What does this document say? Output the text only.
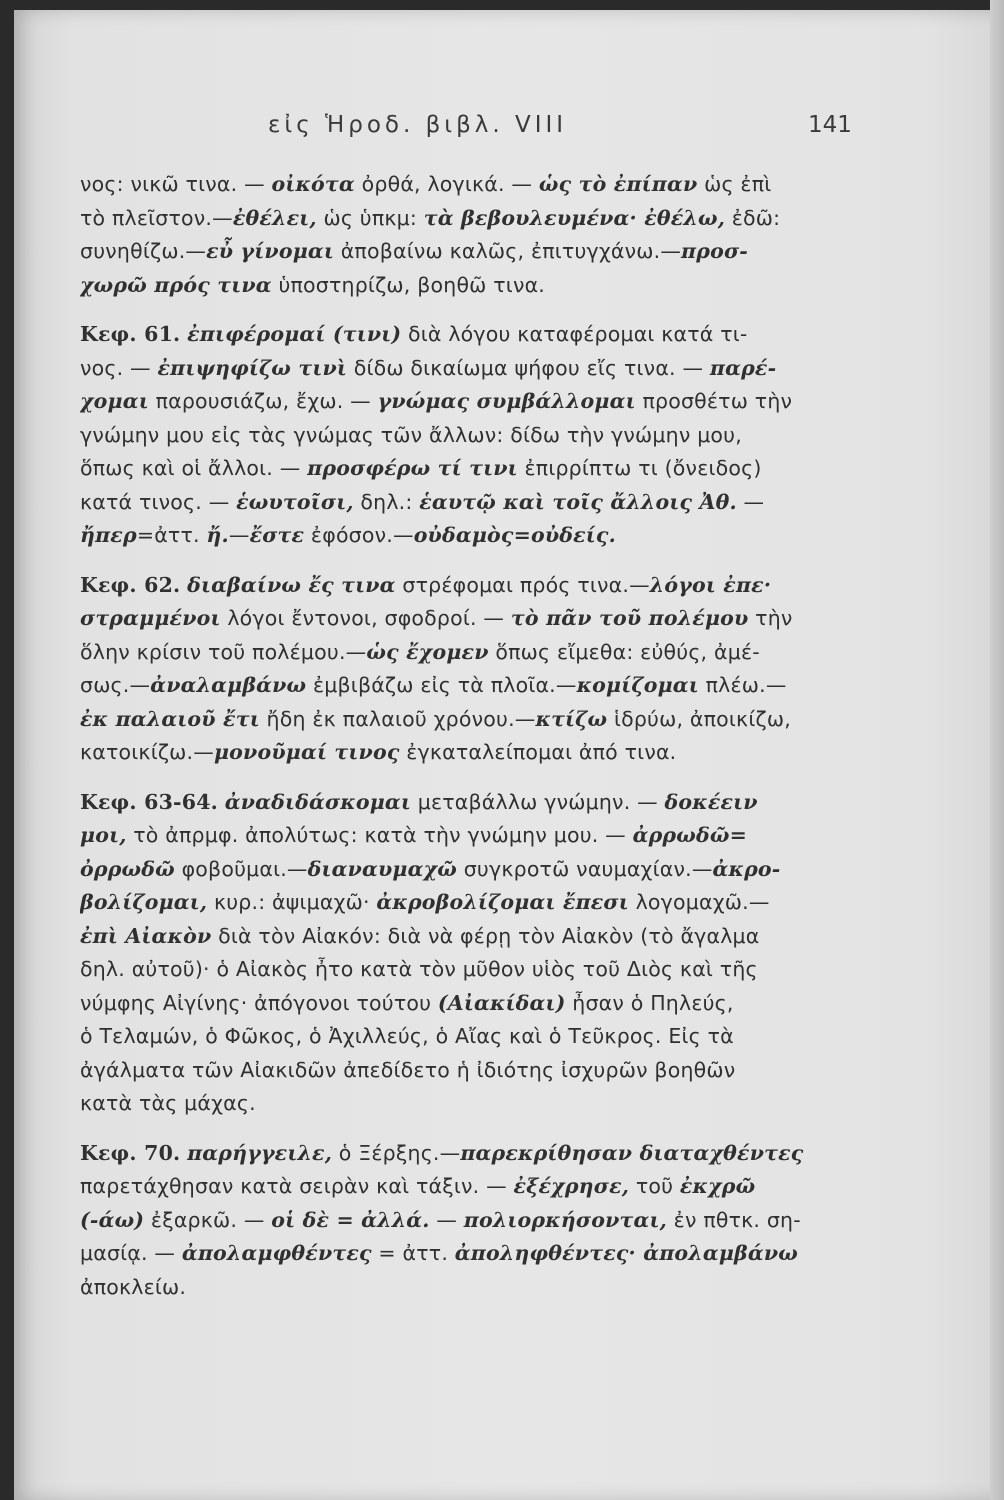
εἰς Ἡροδ. βιβλ. VIII	141
νος: νικῶ τινα. — οἰκότα ὀρθά, λογικά. — ὡς τὸ ἐπίπαν ὡς ἐπὶ
τὸ πλεῖστον.—ἐθέλει, ὡς ὑπκμ: τὰ βεβουλευμένα· ἐθέλω, ἐδῶ:
συνηθίζω.—εὖ γίνομαι ἀποβαίνω καλῶς, ἐπιτυγχάνω.—προσ-
χωρῶ πρός τινα ὑποστηρίζω, βοηθῶ τινα.
Κεφ. 61. ἐπιφέρομαί (τινι) διὰ λόγου καταφέρομαι κατά τι-
νος. — ἐπιψηφίζω τινὶ δίδω δικαίωμα ψήφου εἴς τινα. — παρέ-
χομαι παρουσιάζω, ἔχω. — γνώμας συμβάλλομαι προσθέτω τὴν
γνώμην μου εἰς τὰς γνώμας τῶν ἄλλων: δίδω τὴν γνώμην μου,
ὅπως καὶ οἱ ἄλλοι. — προσφέρω τί τινι ἐπιρρίπτω τι (ὄνειδος)
κατά τινος. — ἑωυτοῖσι, δηλ.: ἑαυτῷ καὶ τοῖς ἄλλοις Ἀθ. —
ἤπερ=ἀττ. ἤ.—ἔστε ἐφόσον.—οὐδαμὸς=οὐδείς.
Κεφ. 62. διαβαίνω ἔς τινα στρέφομαι πρός τινα.—λόγοι ἐπε·
στραμμένοι λόγοι ἔντονοι, σφοδροί. — τὸ πᾶν τοῦ πολέμου τὴν
ὅλην κρίσιν τοῦ πολέμου.—ὡς ἔχομεν ὅπως εἴμεθα: εὐθύς, ἀμέ-
σως.—ἀναλαμβάνω ἐμβιβάζω εἰς τὰ πλοῖα.—κομίζομαι πλέω.—
ἐκ παλαιοῦ ἔτι ἤδη ἐκ παλαιοῦ χρόνου.—κτίζω ἱδρύω, ἀποικίζω,
κατοικίζω.—μονοῦμαί τινος ἐγκαταλείπομαι ἀπό τινα.
Κεφ. 63-64. ἀναδιδάσκομαι μεταβάλλω γνώμην. — δοκέειν
μοι, τὸ ἀπρμφ. ἀπολύτως: κατὰ τὴν γνώμην μου. — ἀρρωδῶ=
ὀρρωδῶ φοβοῦμαι.—διαναυμαχῶ συγκροτῶ ναυμαχίαν.—ἀκρο-
βολίζομαι, κυρ.: ἀψιμαχῶ· ἀκροβολίζομαι ἔπεσι λογομαχῶ.—
ἐπὶ Αἰακὸν διὰ τὸν Αἰακόν: διὰ νὰ φέρῃ τὸν Αἰακὸν (τὸ ἄγαλμα
δηλ. αὐτοῦ)· ὁ Αἰακὸς ἦτο κατὰ τὸν μῦθον υἱὸς τοῦ Διὸς καὶ τῆς
νύμφης Αἰγίνης· ἀπόγονοι τούτου (Αἰακίδαι) ἦσαν ὁ Πηλεύς,
ὁ Τελαμών, ὁ Φῶκος, ὁ Ἀχιλλεύς, ὁ Αἴας καὶ ὁ Τεῦκρος. Εἰς τὰ
ἀγάλματα τῶν Αἰακιδῶν ἀπεδίδετο ἡ ἰδιότης ἰσχυρῶν βοηθῶν
κατὰ τὰς μάχας.
Κεφ. 70. παρήγγειλε, ὁ Ξέρξης.—παρεκρίθησαν διαταχθέντες
παρετάχθησαν κατὰ σειρὰν καὶ τάξιν. — ἐξέχρησε, τοῦ ἐκχρῶ
(-άω) ἐξαρκῶ. — οἱ δὲ = ἀλλά. — πολιορκήσονται, ἐν πθτκ. ση-
μασίᾳ. — ἀπολαμφθέντες = ἀττ. ἀποληφθέντες· ἀπολαμβάνω
ἀποκλείω.
